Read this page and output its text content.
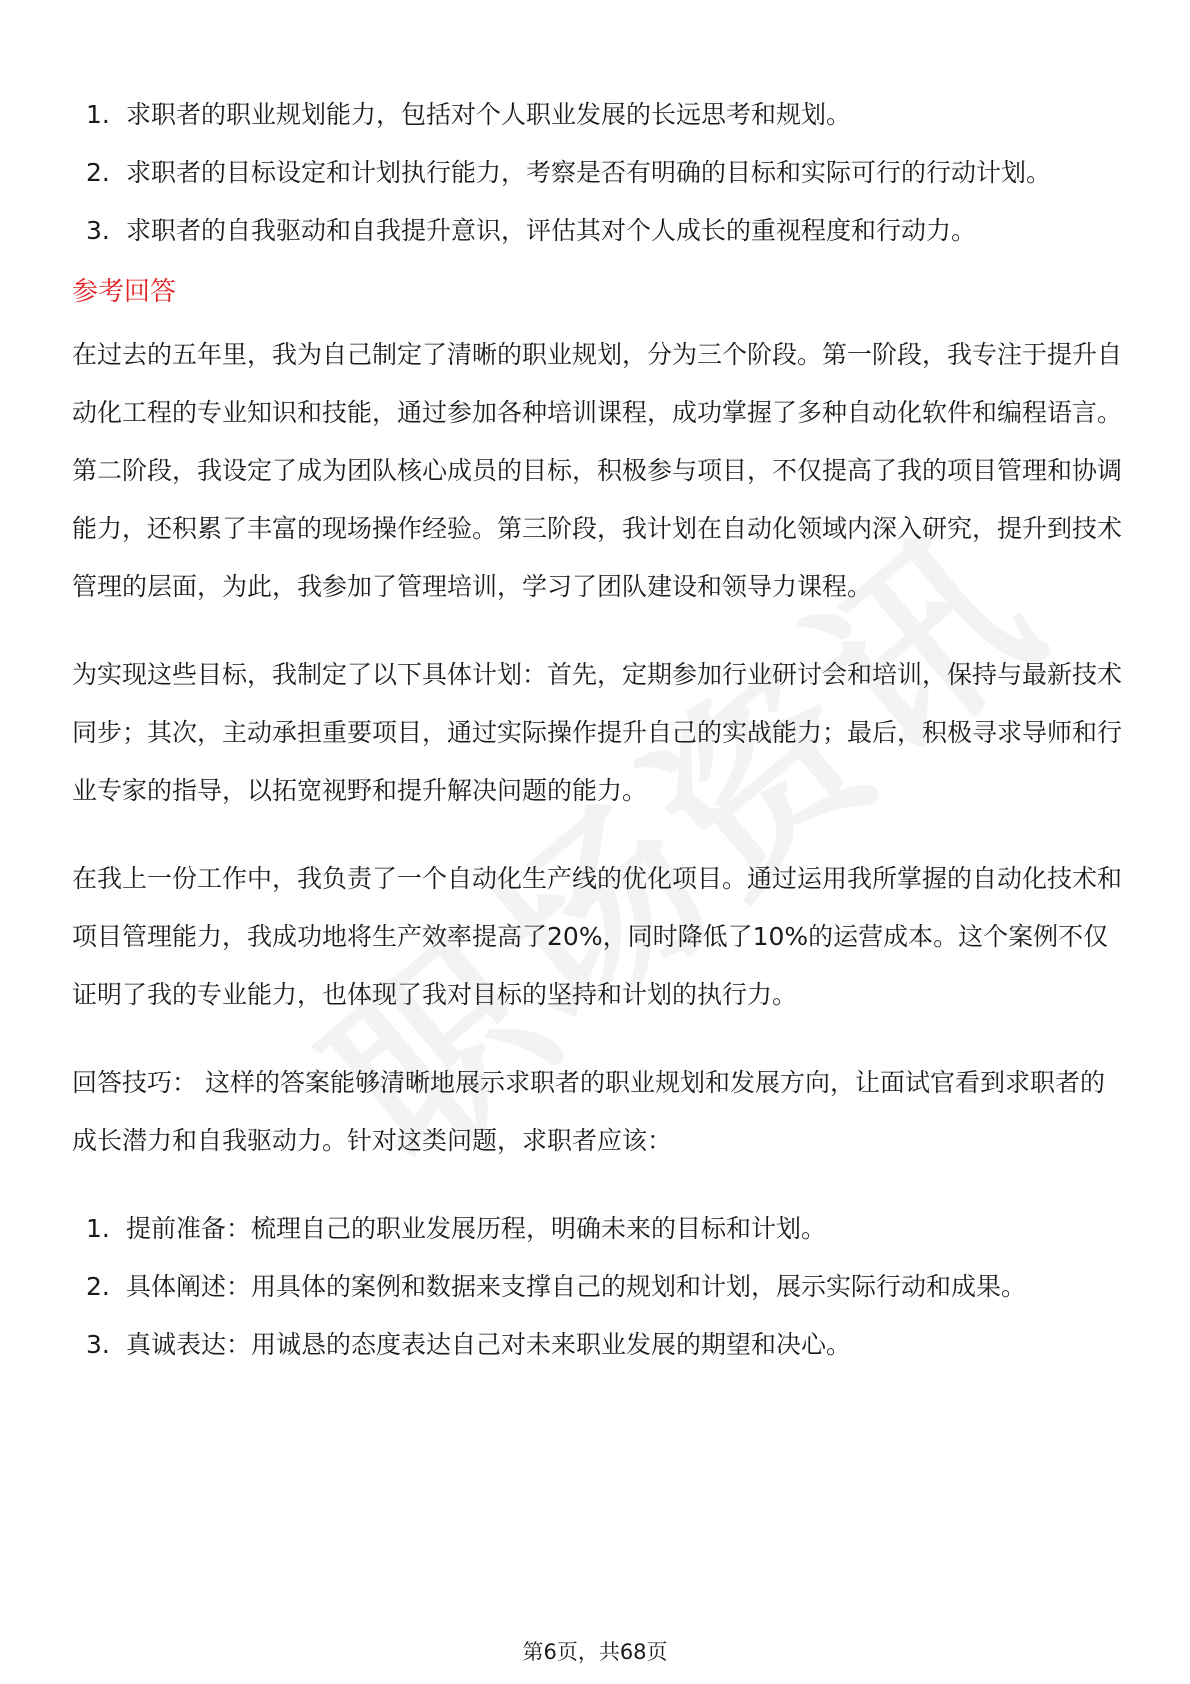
1. 求职者的职业规划能力，包括对个人职业发展的长远思考和规划。
2. 求职者的目标设定和计划执行能力，考察是否有明确的目标和实际可行的行动计划。
3. 求职者的自我驱动和自我提升意识，评估其对个人成长的重视程度和行动力。
参考回答

在过去的五年里，我为自己制定了清晰的职业规划，分为三个阶段。第一阶段，我专注于提升自动化工程的专业知识和技能，通过参加各种培训课程，成功掌握了多种自动化软件和编程语言。第二阶段，我设定了成为团队核心成员的目标，积极参与项目，不仅提高了我的项目管理和协调能力，还积累了丰富的现场操作经验。第三阶段，我计划在自动化领域内深入研究，提升到技术管理的层面，为此，我参加了管理培训，学习了团队建设和领导力课程。

为实现这些目标，我制定了以下具体计划：首先，定期参加行业研讨会和培训，保持与最新技术同步；其次，主动承担重要项目，通过实际操作提升自己的实战能力；最后，积极寻求导师和行业专家的指导，以拓宽视野和提升解决问题的能力。

在我上一份工作中，我负责了一个自动化生产线的优化项目。通过运用我所掌握的自动化技术和项目管理能力，我成功地将生产效率提高了20%，同时降低了10%的运营成本。这个案例不仅证明了我的专业能力，也体现了我对目标的坚持和计划的执行力。

回答技巧： 这样的答案能够清晰地展示求职者的职业规划和发展方向，让面试官看到求职者的成长潜力和自我驱动力。针对这类问题，求职者应该：

1. 提前准备：梳理自己的职业发展历程，明确未来的目标和计划。
2. 具体阐述：用具体的案例和数据来支撑自己的规划和计划，展示实际行动和成果。
3. 真诚表达：用诚恳的态度表达自己对未来职业发展的期望和决心。
第6页，共68页
